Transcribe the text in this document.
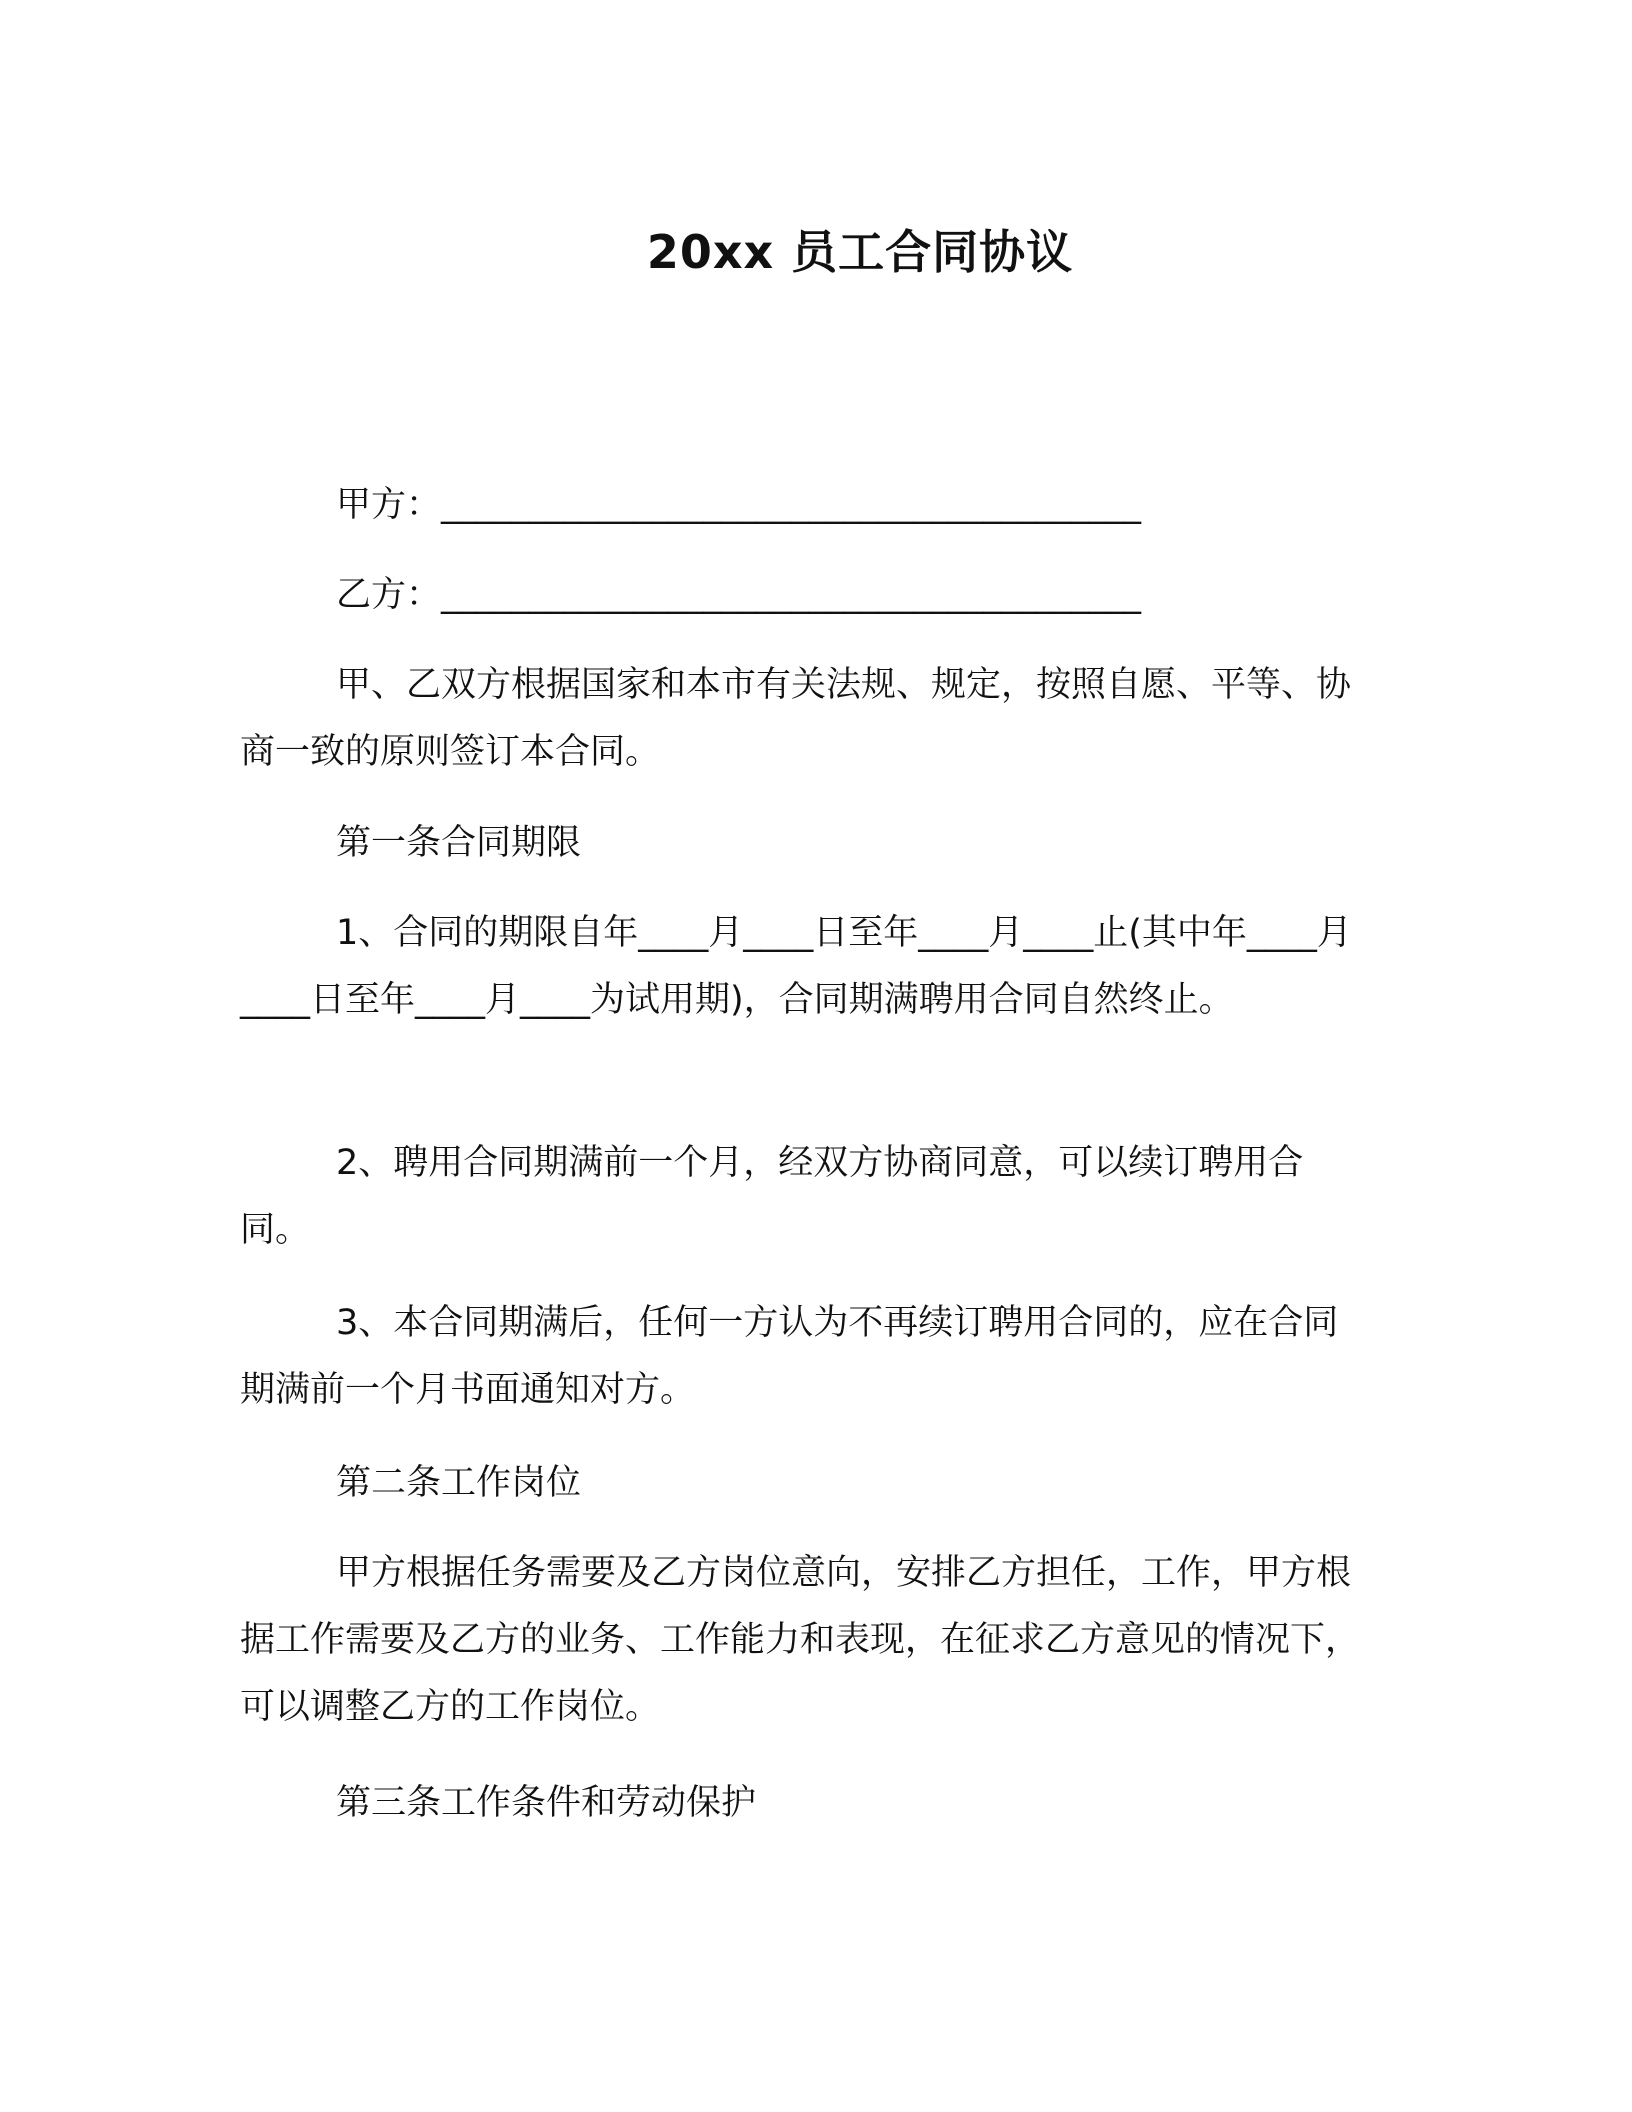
20xx 员工合同协议
甲方：________________________________________
乙方：________________________________________
甲、乙双方根据国家和本市有关法规、规定，按照自愿、平等、协商一致的原则签订本合同。
第一条合同期限
1、合同的期限自年____月____日至年____月____止(其中年____月____日至年____月____为试用期)，合同期满聘用合同自然终止。
2、聘用合同期满前一个月，经双方协商同意，可以续订聘用合同。
3、本合同期满后，任何一方认为不再续订聘用合同的，应在合同期满前一个月书面通知对方。
第二条工作岗位
甲方根据任务需要及乙方岗位意向，安排乙方担任，工作，甲方根据工作需要及乙方的业务、工作能力和表现，在征求乙方意见的情况下，可以调整乙方的工作岗位。
第三条工作条件和劳动保护
